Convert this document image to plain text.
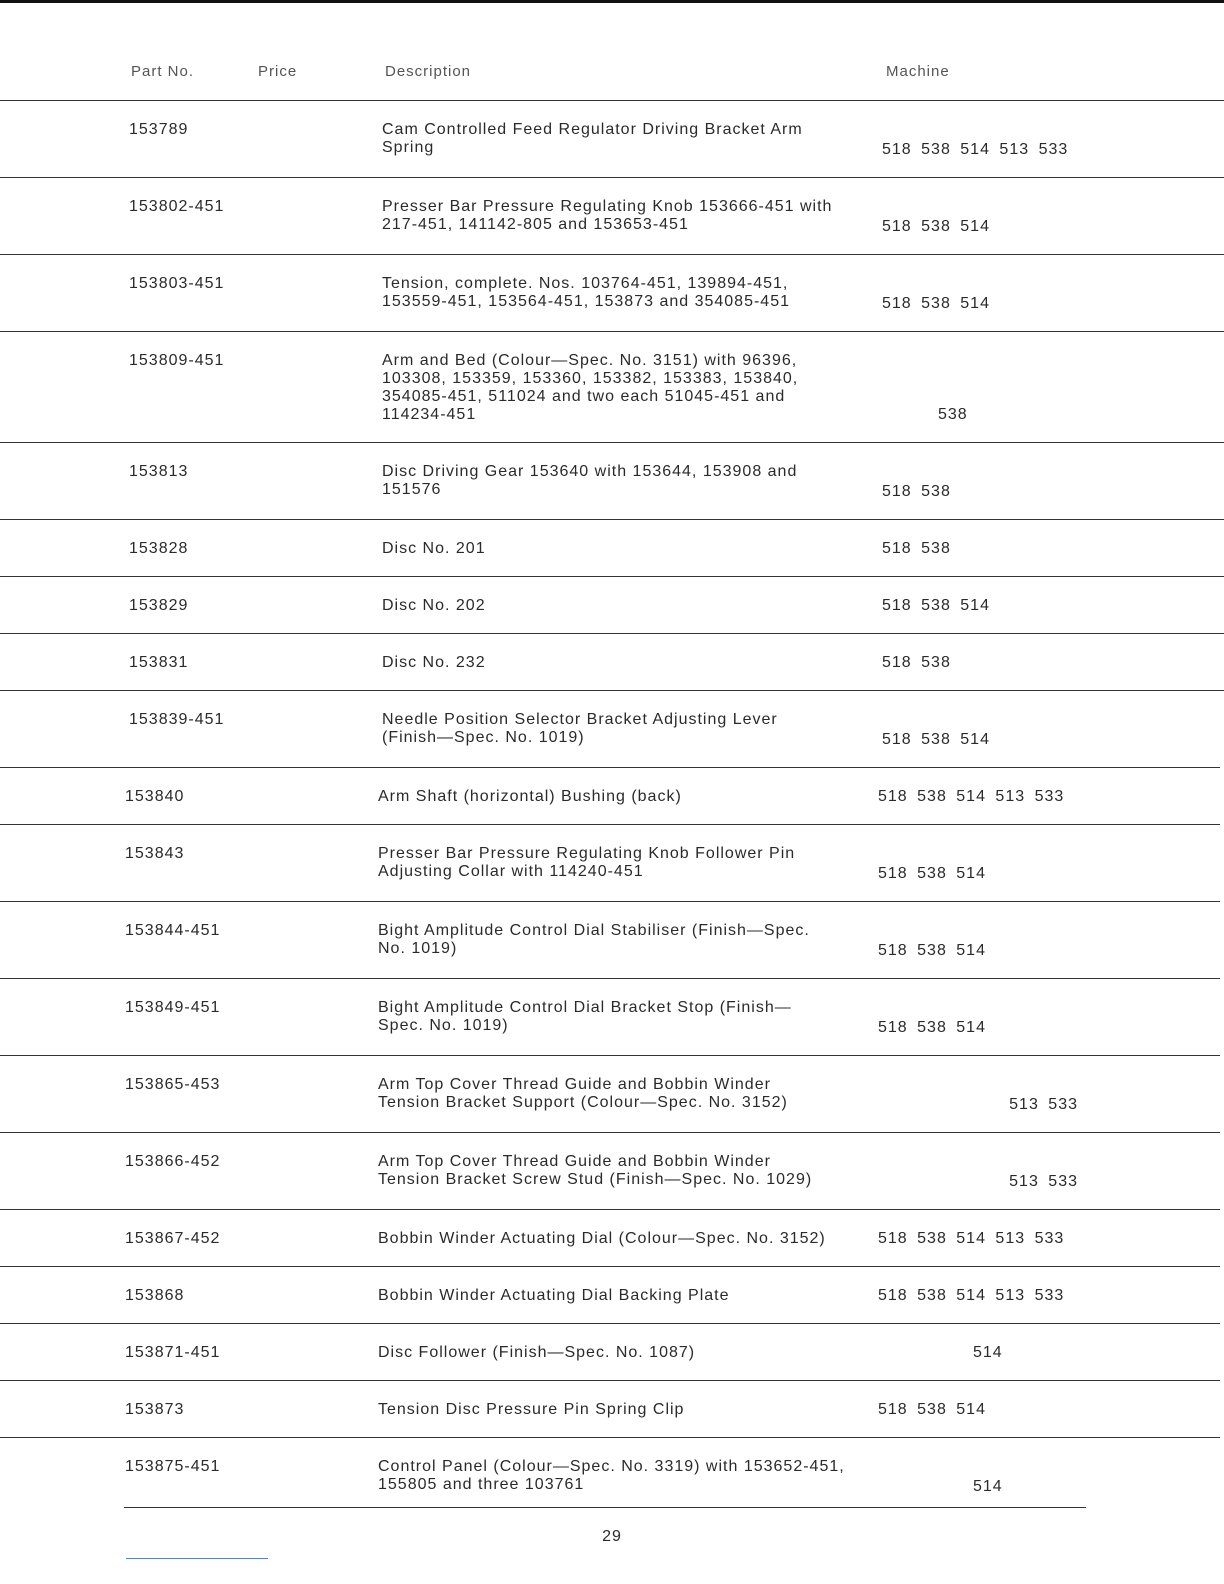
Part No.	Price	Description	Machine
153789	Cam Controlled Feed Regulator Driving Bracket Arm
Spring	518 538 514 513 533
153802-451	Presser Bar Pressure Regulating Knob 153666-451 with
217-451, 141142-805 and 153653-451	518 538 514
153803-451	Tension, complete. Nos. 103764-451, 139894-451,
153559-451, 153564-451, 153873 and 354085-451	518 538 514
153809-451	Arm and Bed (Colour—Spec. No. 3151) with 96396,
103308, 153359, 153360, 153382, 153383, 153840,
354085-451, 511024 and two each 51045-451 and
114234-451	538
153813	Disc Driving Gear 153640 with 153644, 153908 and
151576	518 538
153828	Disc No. 201	518 538
153829	Disc No. 202	518 538 514
153831	Disc No. 232	518 538
153839-451	Needle Position Selector Bracket Adjusting Lever
(Finish—Spec. No. 1019)	518 538 514
153840	Arm Shaft (horizontal) Bushing (back)	518 538 514 513 533
153843	Presser Bar Pressure Regulating Knob Follower Pin
Adjusting Collar with 114240-451	518 538 514
153844-451	Bight Amplitude Control Dial Stabiliser (Finish—Spec.
No. 1019)	518 538 514
153849-451	Bight Amplitude Control Dial Bracket Stop (Finish—
Spec. No. 1019)	518 538 514
153865-453	Arm Top Cover Thread Guide and Bobbin Winder
Tension Bracket Support (Colour—Spec. No. 3152)	513 533
153866-452	Arm Top Cover Thread Guide and Bobbin Winder
Tension Bracket Screw Stud (Finish—Spec. No. 1029)	513 533
153867-452	Bobbin Winder Actuating Dial (Colour—Spec. No. 3152)	518 538 514 513 533
153868	Bobbin Winder Actuating Dial Backing Plate	518 538 514 513 533
153871-451	Disc Follower (Finish—Spec. No. 1087)	514
153873	Tension Disc Pressure Pin Spring Clip	518 538 514
153875-451	Control Panel (Colour—Spec. No. 3319) with 153652-451,
155805 and three 103761	514
29
